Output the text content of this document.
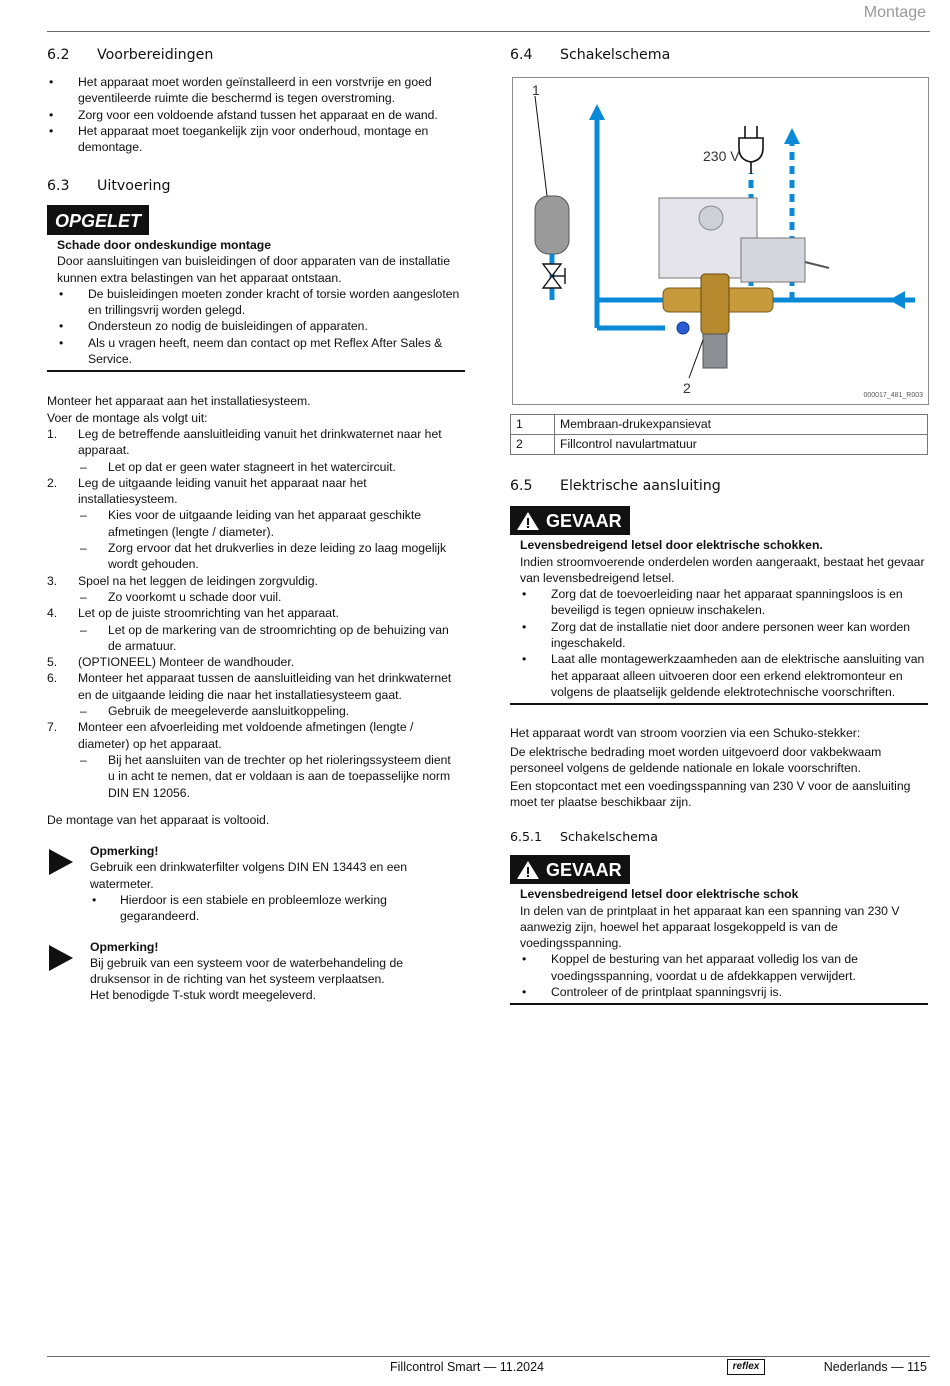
Montage
6.2 Voorbereidingen
• Het apparaat moet worden geïnstalleerd in een vorstvrije en goed geventileerde ruimte die beschermd is tegen overstroming.
• Zorg voor een voldoende afstand tussen het apparaat en de wand.
• Het apparaat moet toegankelijk zijn voor onderhoud, montage en demontage.
6.3 Uitvoering
OPGELET

Schade door ondeskundige montage

Door aansluitingen van buisleidingen of door apparaten van de installatie kunnen extra belastingen van het apparaat ontstaan.

• De buisleidingen moeten zonder kracht of torsie worden aangesloten en trillingsvrij worden gelegd.
• Ondersteun zo nodig de buisleidingen of apparaten.
• Als u vragen heeft, neem dan contact op met Reflex After Sales & Service.

Monteer het apparaat aan het installatiesysteem.

Voer de montage als volgt uit:

1. Leg de betreffende aansluitleiding vanuit het drinkwaternet naar het apparaat.
– Let op dat er geen water stagneert in het watercircuit.
2. Leg de uitgaande leiding vanuit het apparaat naar het installatiesysteem.
– Kies voor de uitgaande leiding van het apparaat geschikte afmetingen (lengte / diameter).
– Zorg ervoor dat het drukverlies in deze leiding zo laag mogelijk wordt gehouden.
3. Spoel na het leggen de leidingen zorgvuldig.
– Zo voorkomt u schade door vuil.
4. Let op de juiste stroomrichting van het apparaat.
– Let op de markering van de stroomrichting op de behuizing van de armatuur.
5. (OPTIONEEL) Monteer de wandhouder.
6. Monteer het apparaat tussen de aansluitleiding van het drinkwaternet en de uitgaande leiding die naar het installatiesysteem gaat.
– Gebruik de meegeleverde aansluitkoppeling.
7. Monteer een afvoerleiding met voldoende afmetingen (lengte / diameter) op het apparaat.
– Bij het aansluiten van de trechter op het rioleringssysteem dient u in acht te nemen, dat er voldaan is aan de toepasselijke norm DIN EN 12056.

De montage van het apparaat is voltooid.

Opmerking!

Gebruik een drinkwaterfilter volgens DIN EN 13443 en een watermeter.

• Hierdoor is een stabiele en probleemloze werking gegarandeerd.

Opmerking!

Bij gebruik van een systeem voor de waterbehandeling de druksensor in de richting van het systeem verplaatsen.

Het benodigde T-stuk wordt meegeleverd.

6.4 Schakelschema
1
230 V
2	000017_481_R003
1	Membraan-drukexpansievat
2	Fillcontrol navulartmatuur
6.5 Elektrische aansluiting
GEVAAR

Levensbedreigend letsel door elektrische schokken.

Indien stroomvoerende onderdelen worden aangeraakt, bestaat het gevaar van levensbedreigend letsel.

• Zorg dat de toevoerleiding naar het apparaat spanningsloos is en beveiligd is tegen opnieuw inschakelen.
• Zorg dat de installatie niet door andere personen weer kan worden ingeschakeld.
• Laat alle montagewerkzaamheden aan de elektrische aansluiting van het apparaat alleen uitvoeren door een erkend elektromonteur en volgens de plaatselijk geldende elektrotechnische voorschriften.

Het apparaat wordt van stroom voorzien via een Schuko-stekker:

De elektrische bedrading moet worden uitgevoerd door vakbekwaam personeel volgens de geldende nationale en lokale voorschriften.

Een stopcontact met een voedingsspanning van 230 V voor de aansluiting moet ter plaatse beschikbaar zijn.

6.5.1 Schakelschema
GEVAAR

Levensbedreigend letsel door elektrische schok

In delen van de printplaat in het apparaat kan een spanning van 230 V aanwezig zijn, hoewel het apparaat losgekoppeld is van de voedingsspanning.

• Koppel de besturing van het apparaat volledig los van de voedingsspanning, voordat u de afdekkappen verwijdert.
• Controleer of de printplaat spanningsvrij is.
Fillcontrol Smart — 11.2024	reflex	Nederlands — 115
